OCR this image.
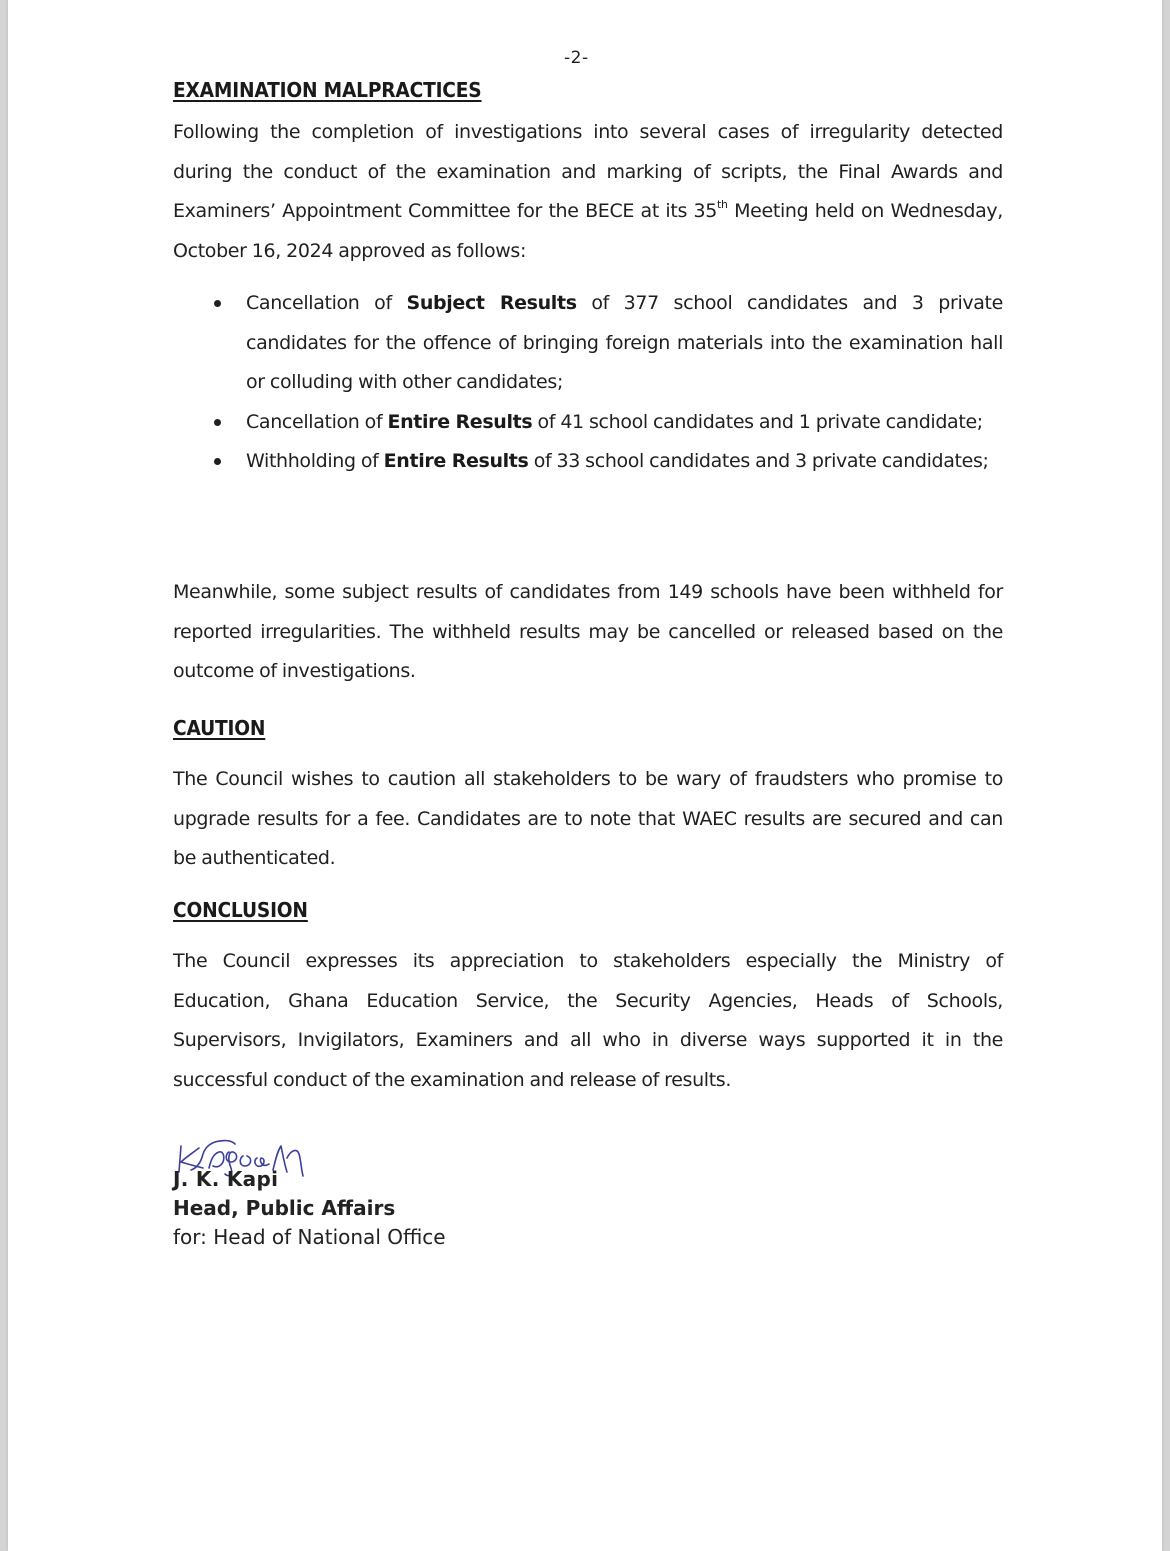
-2-
EXAMINATION MALPRACTICES

Following the completion of investigations into several cases of irregularity detected during the conduct of the examination and marking of scripts, the Final Awards and Examiners’ Appointment Committee for the BECE at its 35th Meeting held on Wednesday, October 16, 2024 approved as follows:

Cancellation of Subject Results of 377 school candidates and 3 private candidates for the offence of bringing foreign materials into the examination hall or colluding with other candidates;
Cancellation of Entire Results of 41 school candidates and 1 private candidate;
Withholding of Entire Results of 33 school candidates and 3 private candidates;

Meanwhile, some subject results of candidates from 149 schools have been withheld for reported irregularities. The withheld results may be cancelled or released based on the outcome of investigations.

CAUTION

The Council wishes to caution all stakeholders to be wary of fraudsters who promise to upgrade results for a fee. Candidates are to note that WAEC results are secured and can be authenticated.

CONCLUSION

The Council expresses its appreciation to stakeholders especially the Ministry of Education, Ghana Education Service, the Security Agencies, Heads of Schools, Supervisors, Invigilators, Examiners and all who in diverse ways supported it in the successful conduct of the examination and release of results.

J. K. Kapi
Head, Public Affairs
for: Head of National Office
